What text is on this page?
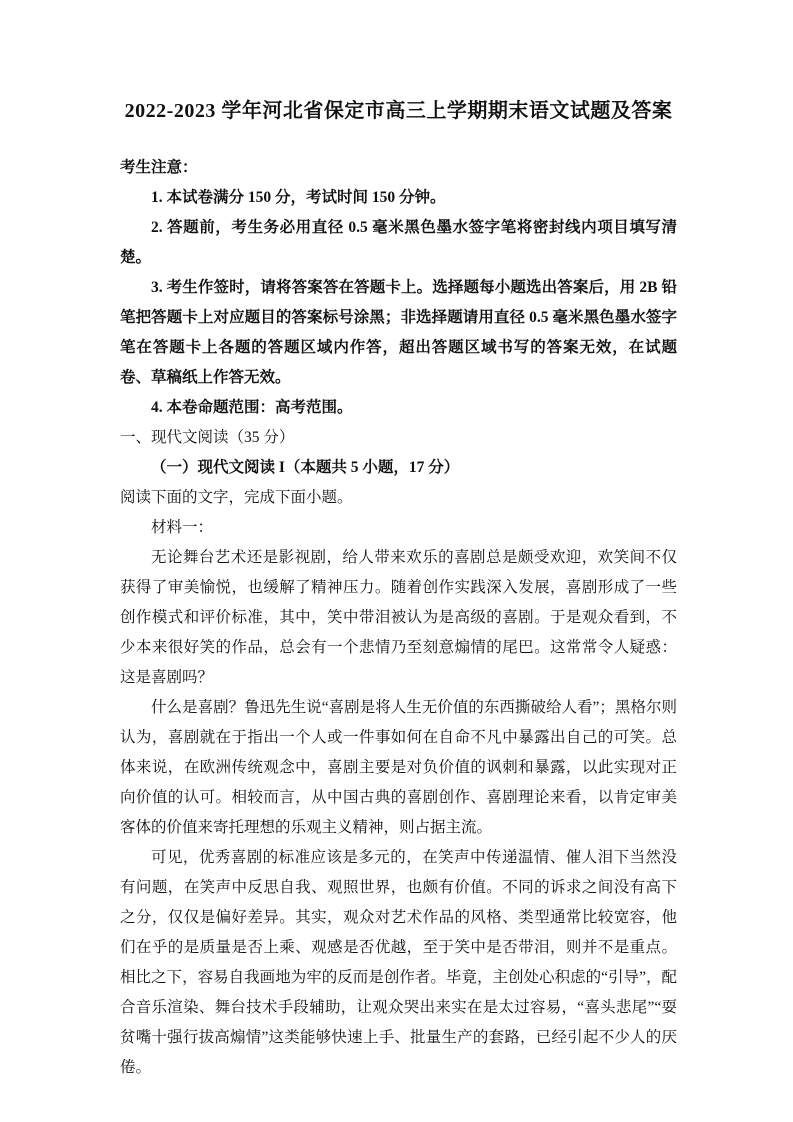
2022-2023 学年河北省保定市高三上学期期末语文试题及答案

考生注意：

1. 本试卷满分 150 分，考试时间 150 分钟。

2. 答题前，考生务必用直径 0.5 毫米黑色墨水签字笔将密封线内项目填写清楚。

3. 考生作签时，请将答案答在答题卡上。选择题每小题选出答案后，用 2B 铅笔把答题卡上对应题目的答案标号涂黑；非选择题请用直径 0.5 毫米黑色墨水签字笔在答题卡上各题的答题区域内作答，超出答题区域书写的答案无效，在试题卷、草稿纸上作答无效。

4. 本卷命题范围：高考范围。

一、现代文阅读（35 分）

（一）现代文阅读 I（本题共 5 小题，17 分）

阅读下面的文字，完成下面小题。

材料一：

无论舞台艺术还是影视剧，给人带来欢乐的喜剧总是颇受欢迎，欢笑间不仅获得了审美愉悦，也缓解了精神压力。随着创作实践深入发展，喜剧形成了一些创作模式和评价标准，其中，笑中带泪被认为是高级的喜剧。于是观众看到，不少本来很好笑的作品，总会有一个悲情乃至刻意煽情的尾巴。这常常令人疑惑：这是喜剧吗？

什么是喜剧？鲁迅先生说“喜剧是将人生无价值的东西撕破给人看”；黑格尔则认为，喜剧就在于指出一个人或一件事如何在自命不凡中暴露出自己的可笑。总体来说，在欧洲传统观念中，喜剧主要是对负价值的讽刺和暴露，以此实现对正向价值的认可。相较而言，从中国古典的喜剧创作、喜剧理论来看，以肯定审美客体的价值来寄托理想的乐观主义精神，则占据主流。

可见，优秀喜剧的标准应该是多元的，在笑声中传递温情、催人泪下当然没有问题，在笑声中反思自我、观照世界，也颇有价值。不同的诉求之间没有高下之分，仅仅是偏好差异。其实，观众对艺术作品的风格、类型通常比较宽容，他们在乎的是质量是否上乘、观感是否优越，至于笑中是否带泪，则并不是重点。相比之下，容易自我画地为牢的反而是创作者。毕竟，主创处心积虑的“引导”，配合音乐渲染、舞台技术手段辅助，让观众哭出来实在是太过容易，“喜头悲尾”“耍贫嘴十强行拔高煽情”这类能够快速上手、批量生产的套路，已经引起不少人的厌倦。
